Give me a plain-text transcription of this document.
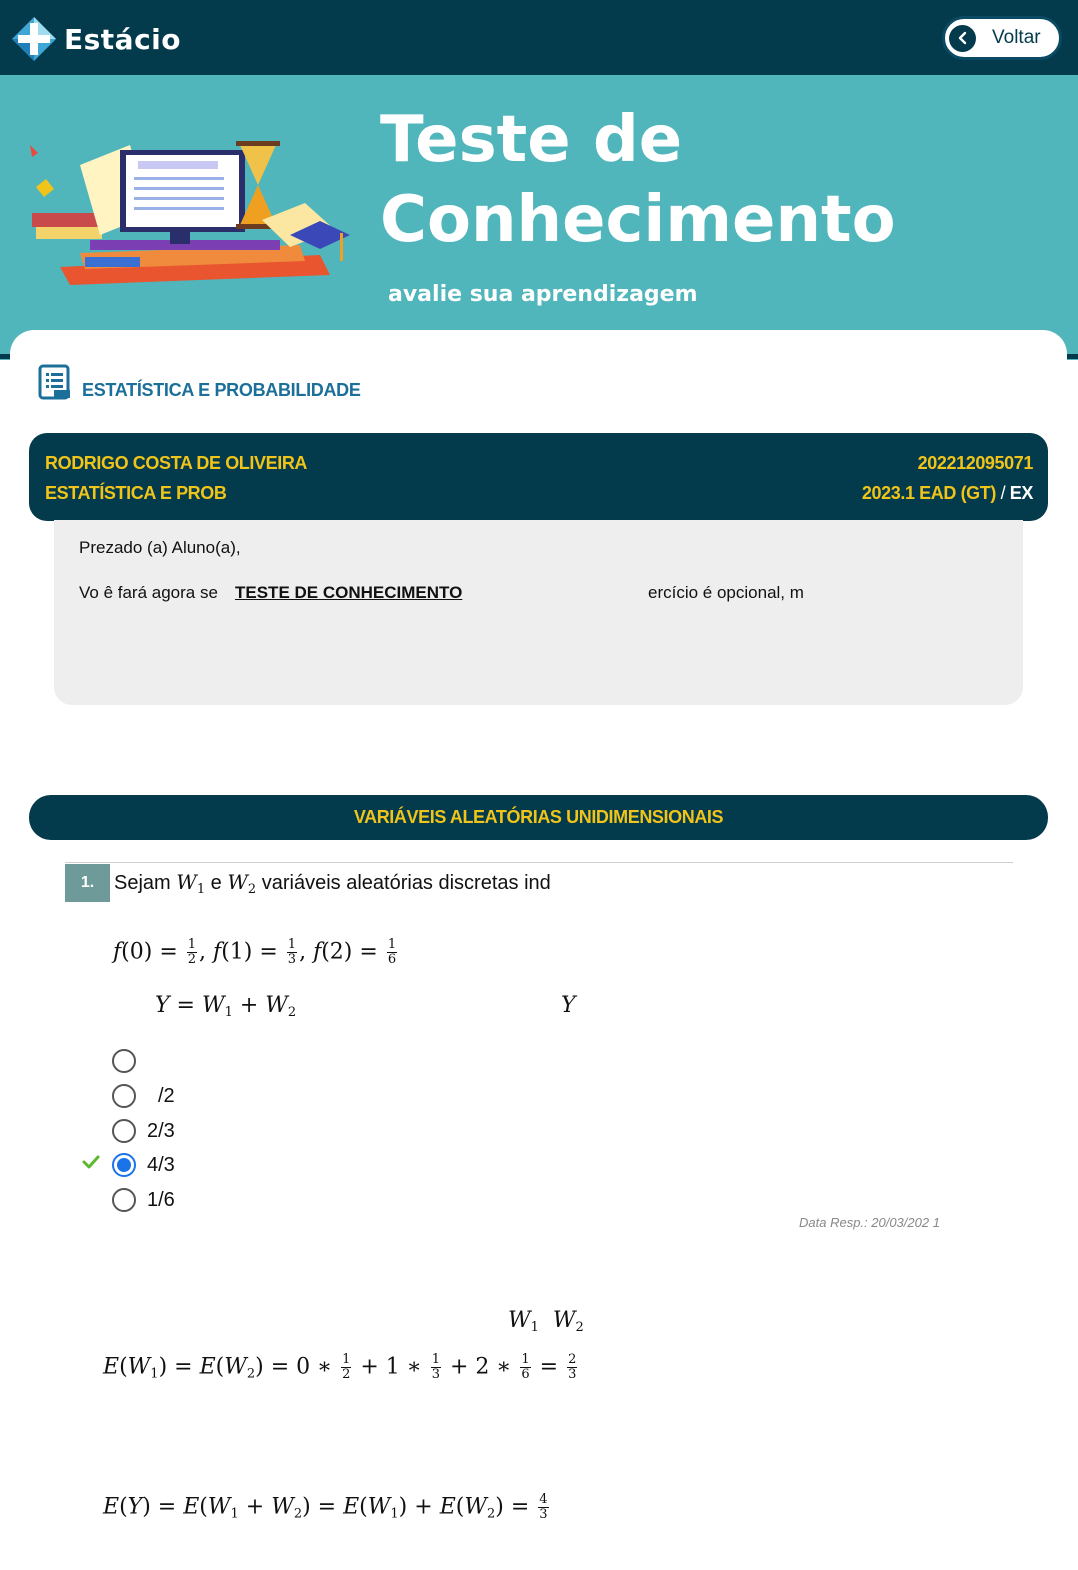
Estácio	Voltar
Teste de
Conhecimento
avalie sua aprendizagem
ESTATÍSTICA E PROBABILIDADE
RODRIGO COSTA DE OLIVEIRA
ESTATÍSTICA E PROB
202212095071
2023.1 EAD (GT) / EX
Prezado (a) Aluno(a),
Vo ê fará agora se TESTE DE CONHECIMENTO	ercício é opcional, m
VARIÁVEIS ALEATÓRIAS UNIDIMENSIONAIS
1. Sejam $W_1$ e $W_2$ variáveis aleatórias discretas ind
$f(0) = \frac{1}{2}$ , $f(1) = \frac{1}{3}$ , $f(2) = \frac{1}{6}$
$Y = W_1 + W_2$	Y
/2
2/3
4/3
1/6
Data Resp.: 20/03/202 1
$W_1$ $W_2$
$E(W_1) = E(W_2) = 0$ ∗ $\frac{1}{2} + 1$ ∗ $\frac{1}{3} + 2$ ∗ $\frac{1}{6} = \frac{2}{3}$
$E(Y) = E(W_1 + W_2) = E(W_1) + E(W_2) = \frac{4}{3}$
